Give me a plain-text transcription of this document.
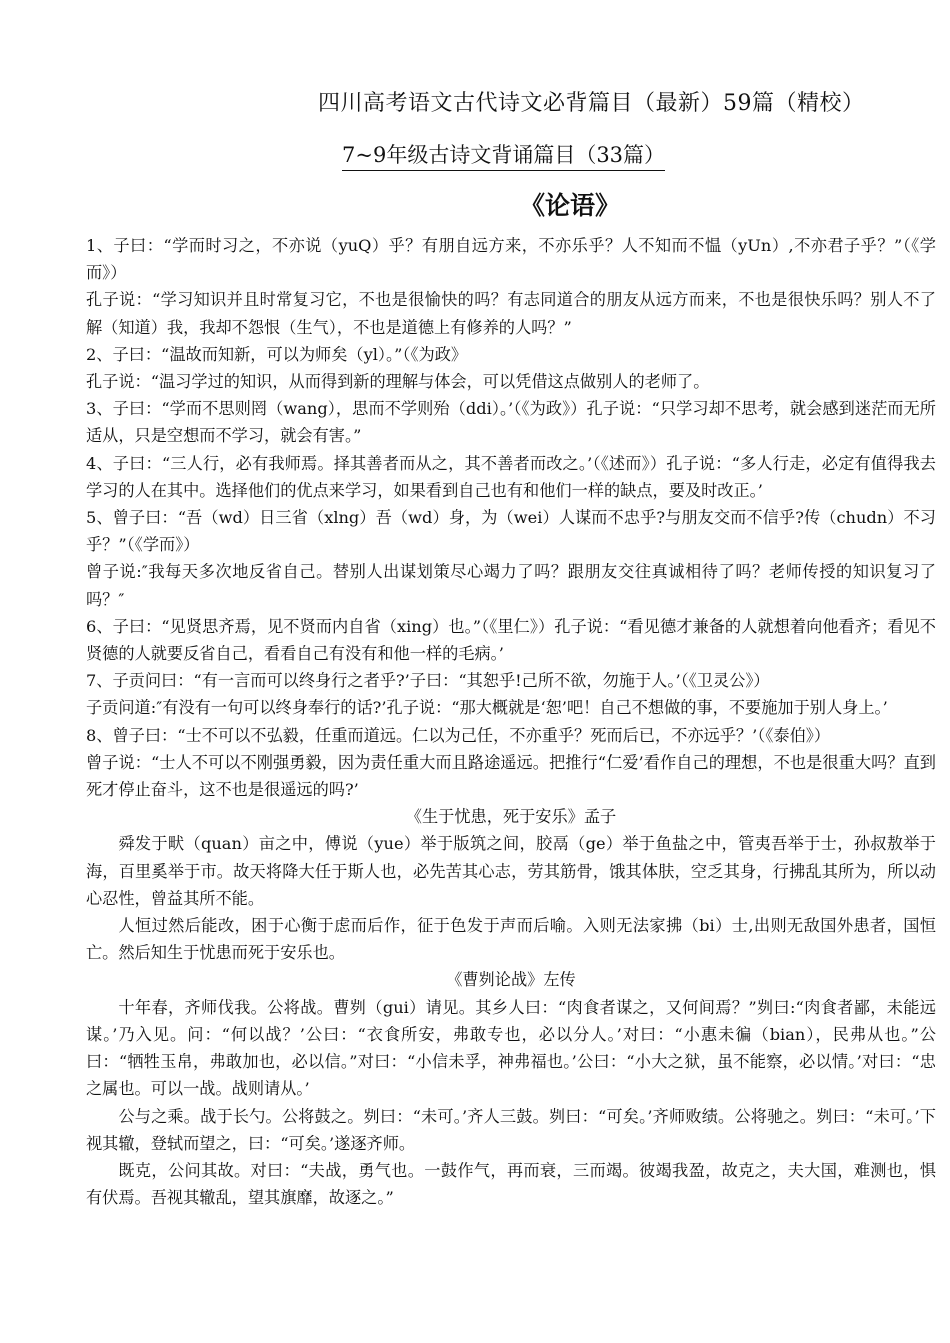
四川高考语文古代诗文必背篇目（最新）59篇（精校）
7~9年级古诗文背诵篇目（33篇）
《论语》

1、子曰：“学而时习之，不亦说（yuQ）乎？有朋自远方来，不亦乐乎？人不知而不愠（yUn）,不亦君子乎？”（《学而》）

孔子说：“学习知识并且时常复习它，不也是很愉快的吗？有志同道合的朋友从远方而来，不也是很快乐吗？别人不了解（知道）我，我却不怨恨（生气），不也是道德上有修养的人吗？”

2、子曰：“温故而知新，可以为师矣（yl）。”（《为政》

孔子说：“温习学过的知识，从而得到新的理解与体会，可以凭借这点做别人的老师了。

3、子曰：“学而不思则罔（wang），思而不学则殆（ddi）。’（《为政》）孔子说：“只学习却不思考，就会感到迷茫而无所适从，只是空想而不学习，就会有害。”

4、子曰：“三人行，必有我师焉。择其善者而从之，其不善者而改之。’（《述而》）孔子说：“多人行走，必定有值得我去学习的人在其中。选择他们的优点来学习，如果看到自己也有和他们一样的缺点，要及时改正。’

5、曾子曰：“吾（wd）日三省（xlng）吾（wd）身，为（wei）人谋而不忠乎?与朋友交而不信乎?传（chudn）不习乎？”（《学而》）

曾子说:″我每天多次地反省自己。替别人出谋划策尽心竭力了吗？跟朋友交往真诚相待了吗？老师传授的知识复习了吗？″

6、子曰：“见贤思齐焉，见不贤而内自省（xing）也。”（《里仁》）孔子说：“看见德才兼备的人就想着向他看齐；看见不贤德的人就要反省自己，看看自己有没有和他一样的毛病。’

7、子贡问曰：“有一言而可以终身行之者乎?’子曰：“其恕乎!己所不欲，勿施于人。’（《卫灵公》）

子贡问道:″有没有一句可以终身奉行的话?’孔子说：“那大概就是‘恕’吧！自己不想做的事，不要施加于别人身上。’

8、曾子曰：“士不可以不弘毅，任重而道远。仁以为己任，不亦重乎？死而后已，不亦远乎？’（《泰伯》）

曾子说：“士人不可以不刚强勇毅，因为责任重大而且路途遥远。把推行“仁爱’看作自己的理想，不也是很重大吗？直到死才停止奋斗，这不也是很遥远的吗?’

《生于忧患，死于安乐》孟子

舜发于畎（quan）亩之中，傅说（yue）举于版筑之间，胶鬲（ge）举于鱼盐之中，管夷吾举于士，孙叔敖举于海，百里奚举于市。故天将降大任于斯人也，必先苦其心志，劳其筋骨，饿其体肤，空乏其身，行拂乱其所为，所以动心忍性，曾益其所不能。

人恒过然后能改，困于心衡于虑而后作，征于色发于声而后喻。入则无法家拂（bi）士,出则无敌国外患者，国恒亡。然后知生于忧患而死于安乐也。

《曹刿论战》左传

十年春，齐师伐我。公将战。曹刿（gui）请见。其乡人曰：“肉食者谋之，又何间焉？”刿曰:“肉食者鄙，未能远谋。’乃入见。问：“何以战？’公曰：“衣食所安，弗敢专也，必以分人。’对曰：“小惠未徧（bian），民弗从也。”公曰：“牺牲玉帛，弗敢加也，必以信。”对曰：“小信未孚，神弗福也。’公曰：“小大之狱，虽不能察，必以情。’对曰：“忠之属也。可以一战。战则请从。’

公与之乘。战于长勺。公将鼓之。刿曰：“未可。’齐人三鼓。刿曰：“可矣。’齐师败绩。公将驰之。刿曰：“未可。’下视其辙，登轼而望之，曰：“可矣。’遂逐齐师。

既克，公问其故。对曰：“夫战，勇气也。一鼓作气，再而衰，三而竭。彼竭我盈，故克之，夫大国，难测也，惧有伏焉。吾视其辙乱，望其旗靡，故逐之。”
